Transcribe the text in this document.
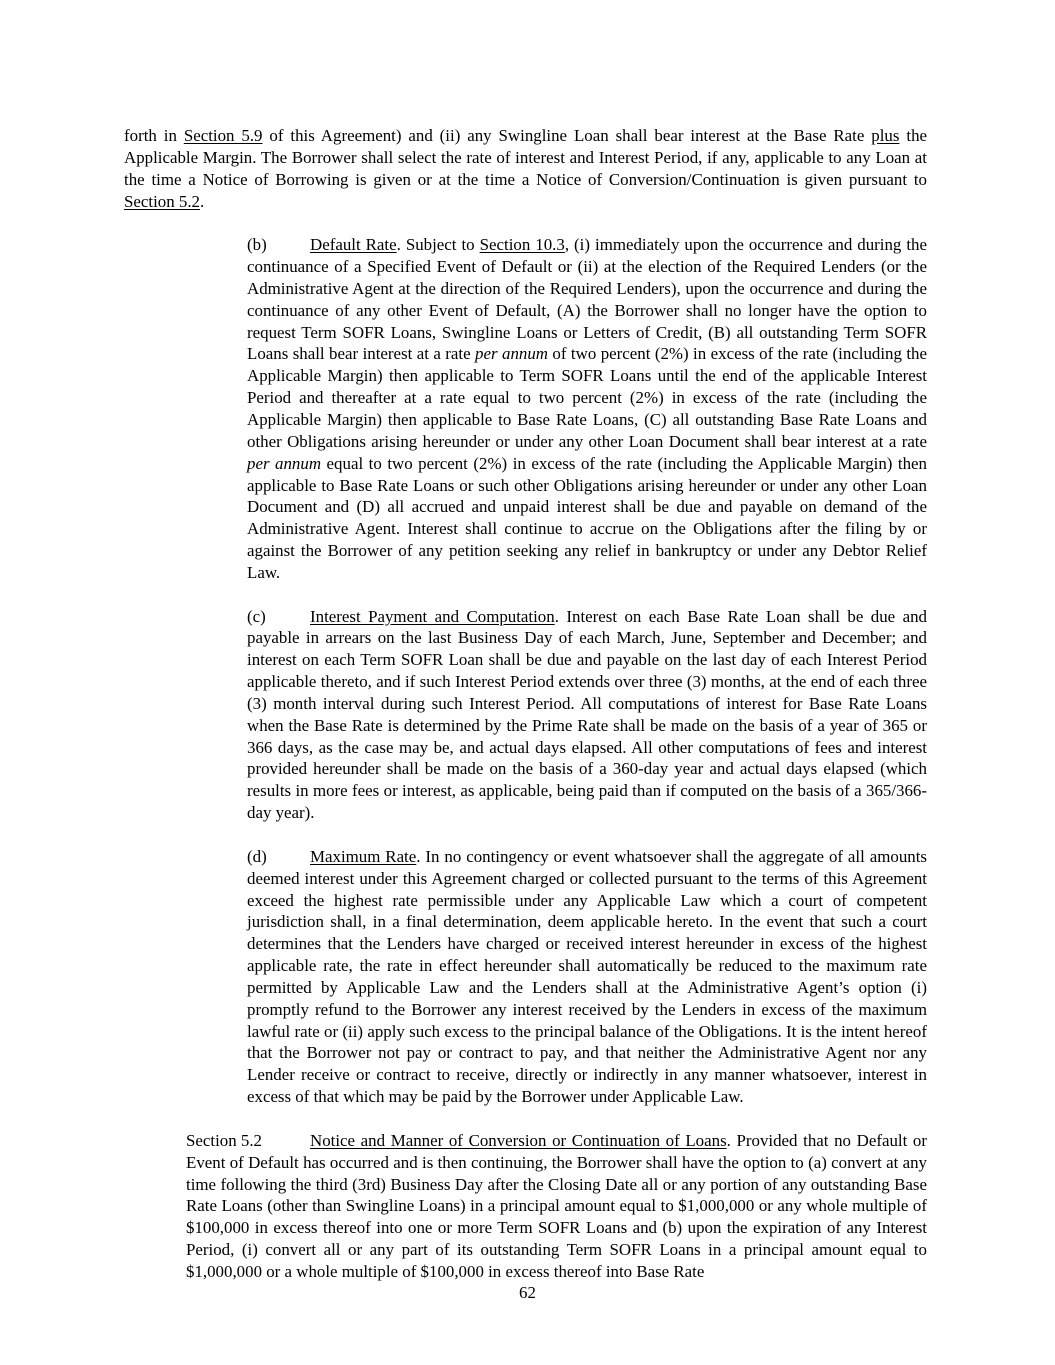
forth in Section 5.9 of this Agreement) and (ii) any Swingline Loan shall bear interest at the Base Rate plus the Applicable Margin. The Borrower shall select the rate of interest and Interest Period, if any, applicable to any Loan at the time a Notice of Borrowing is given or at the time a Notice of Conversion/Continuation is given pursuant to Section 5.2.

(b)	Default Rate. Subject to Section 10.3, (i) immediately upon the occurrence and during the continuance of a Specified Event of Default or (ii) at the election of the Required Lenders (or the Administrative Agent at the direction of the Required Lenders), upon the occurrence and during the continuance of any other Event of Default, (A) the Borrower shall no longer have the option to request Term SOFR Loans, Swingline Loans or Letters of Credit, (B) all outstanding Term SOFR Loans shall bear interest at a rate per annum of two percent (2%) in excess of the rate (including the Applicable Margin) then applicable to Term SOFR Loans until the end of the applicable Interest Period and thereafter at a rate equal to two percent (2%) in excess of the rate (including the Applicable Margin) then applicable to Base Rate Loans, (C) all outstanding Base Rate Loans and other Obligations arising hereunder or under any other Loan Document shall bear interest at a rate per annum equal to two percent (2%) in excess of the rate (including the Applicable Margin) then applicable to Base Rate Loans or such other Obligations arising hereunder or under any other Loan Document and (D) all accrued and unpaid interest shall be due and payable on demand of the Administrative Agent. Interest shall continue to accrue on the Obligations after the filing by or against the Borrower of any petition seeking any relief in bankruptcy or under any Debtor Relief Law.

(c)	Interest Payment and Computation. Interest on each Base Rate Loan shall be due and payable in arrears on the last Business Day of each March, June, September and December; and interest on each Term SOFR Loan shall be due and payable on the last day of each Interest Period applicable thereto, and if such Interest Period extends over three (3) months, at the end of each three (3) month interval during such Interest Period. All computations of interest for Base Rate Loans when the Base Rate is determined by the Prime Rate shall be made on the basis of a year of 365 or 366 days, as the case may be, and actual days elapsed. All other computations of fees and interest provided hereunder shall be made on the basis of a 360-day year and actual days elapsed (which results in more fees or interest, as applicable, being paid than if computed on the basis of a 365/366-day year).

(d)	Maximum Rate. In no contingency or event whatsoever shall the aggregate of all amounts deemed interest under this Agreement charged or collected pursuant to the terms of this Agreement exceed the highest rate permissible under any Applicable Law which a court of competent jurisdiction shall, in a final determination, deem applicable hereto. In the event that such a court determines that the Lenders have charged or received interest hereunder in excess of the highest applicable rate, the rate in effect hereunder shall automatically be reduced to the maximum rate permitted by Applicable Law and the Lenders shall at the Administrative Agent’s option (i) promptly refund to the Borrower any interest received by the Lenders in excess of the maximum lawful rate or (ii) apply such excess to the principal balance of the Obligations. It is the intent hereof that the Borrower not pay or contract to pay, and that neither the Administrative Agent nor any Lender receive or contract to receive, directly or indirectly in any manner whatsoever, interest in excess of that which may be paid by the Borrower under Applicable Law.

Section 5.2	Notice and Manner of Conversion or Continuation of Loans. Provided that no Default or Event of Default has occurred and is then continuing, the Borrower shall have the option to (a) convert at any time following the third (3rd) Business Day after the Closing Date all or any portion of any outstanding Base Rate Loans (other than Swingline Loans) in a principal amount equal to $1,000,000 or any whole multiple of $100,000 in excess thereof into one or more Term SOFR Loans and (b) upon the expiration of any Interest Period, (i) convert all or any part of its outstanding Term SOFR Loans in a principal amount equal to $1,000,000 or a whole multiple of $100,000 in excess thereof into Base Rate

62
